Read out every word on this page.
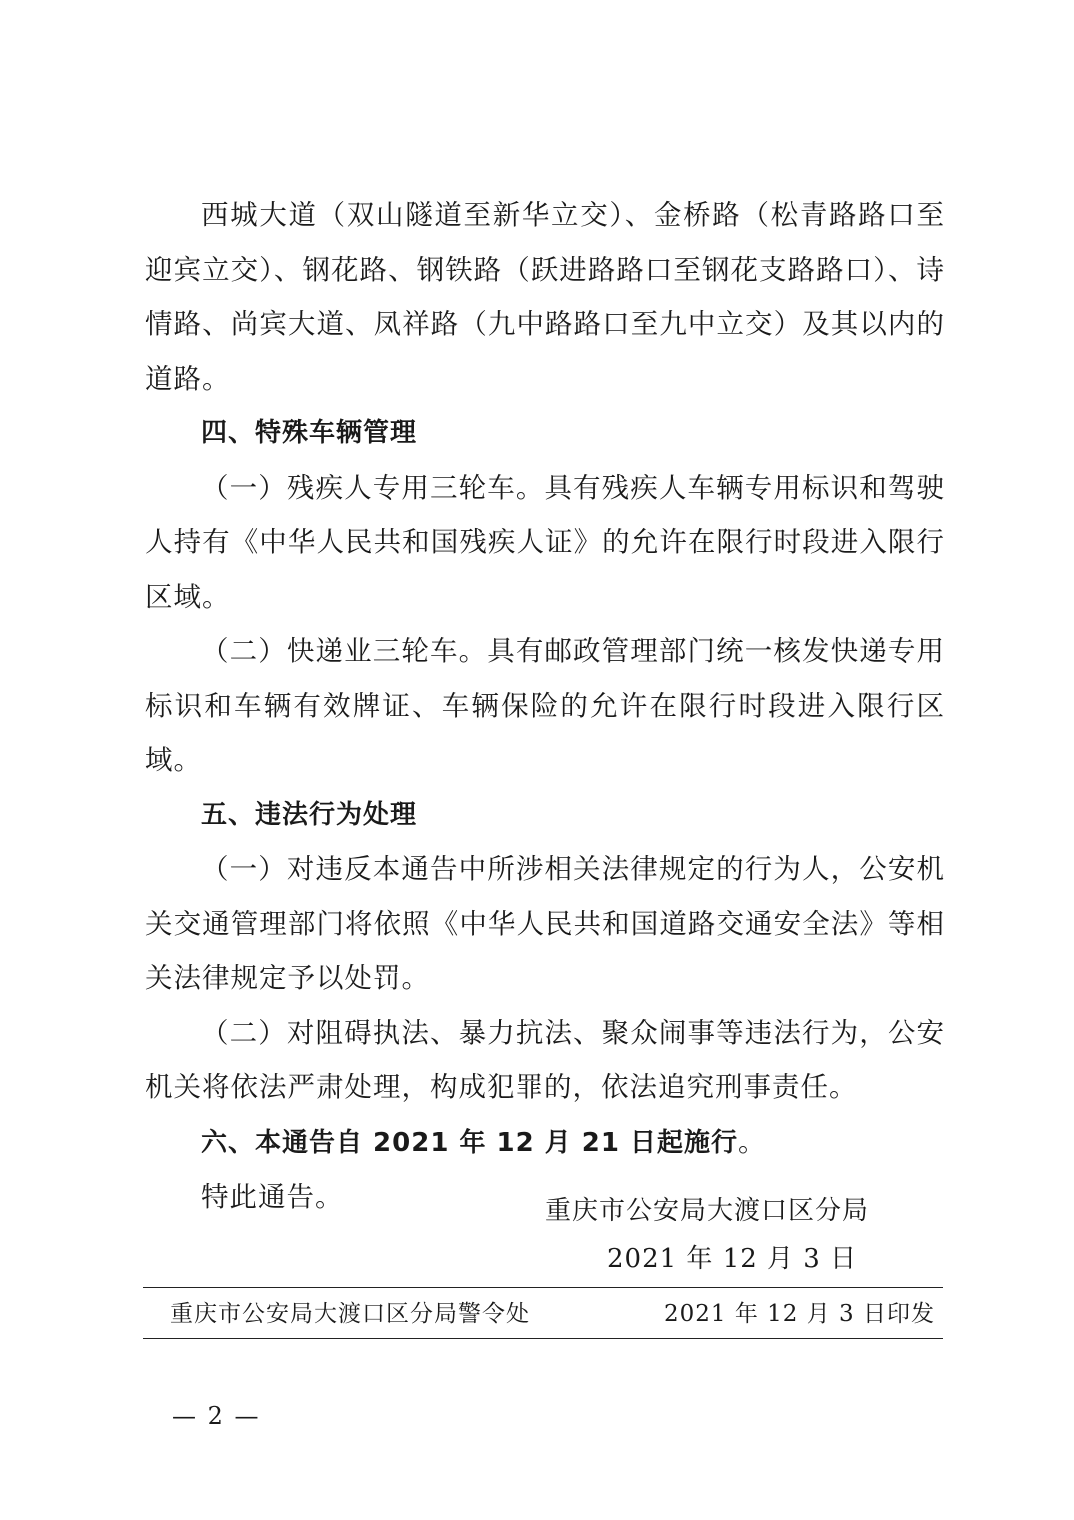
西城大道（双山隧道至新华立交）、金桥路（松青路路口至迎宾立交）、钢花路、钢铁路（跃进路路口至钢花支路路口）、诗情路、尚宾大道、凤祥路（九中路路口至九中立交）及其以内的道路。

四、特殊车辆管理

（一）残疾人专用三轮车。具有残疾人车辆专用标识和驾驶人持有《中华人民共和国残疾人证》的允许在限行时段进入限行区域。

（二）快递业三轮车。具有邮政管理部门统一核发快递专用标识和车辆有效牌证、车辆保险的允许在限行时段进入限行区域。

五、违法行为处理

（一）对违反本通告中所涉相关法律规定的行为人，公安机关交通管理部门将依照《中华人民共和国道路交通安全法》等相关法律规定予以处罚。

（二）对阻碍执法、暴力抗法、聚众闹事等违法行为，公安机关将依法严肃处理，构成犯罪的，依法追究刑事责任。

六、本通告自 2021 年 12 月 21 日起施行。

特此通告。	重庆市公安局大渡口区分局
2021 年 12 月 3 日
重庆市公安局大渡口区分局警令处	2021 年 12 月 3 日印发
— 2 —
